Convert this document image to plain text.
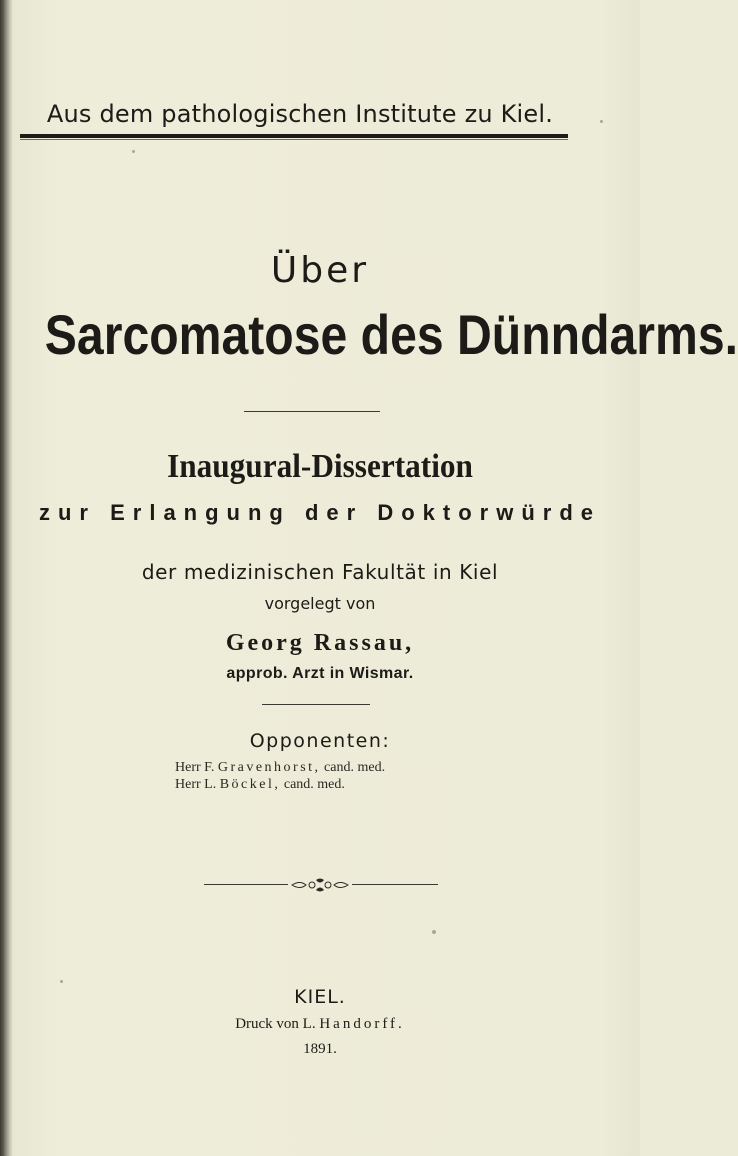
Aus dem pathologischen Institute zu Kiel.
Über
Sarcomatose des Dünndarms.
Inaugural-Dissertation
zur Erlangung der Doktorwürde
der medizinischen Fakultät in Kiel
vorgelegt von
Georg Rassau,
approb. Arzt in Wismar.
Opponenten:
Herr F. Gravenhorst, cand. med.
Herr L. Böckel, cand. med.
KIEL.
Druck von L. Handorff.
1891.
